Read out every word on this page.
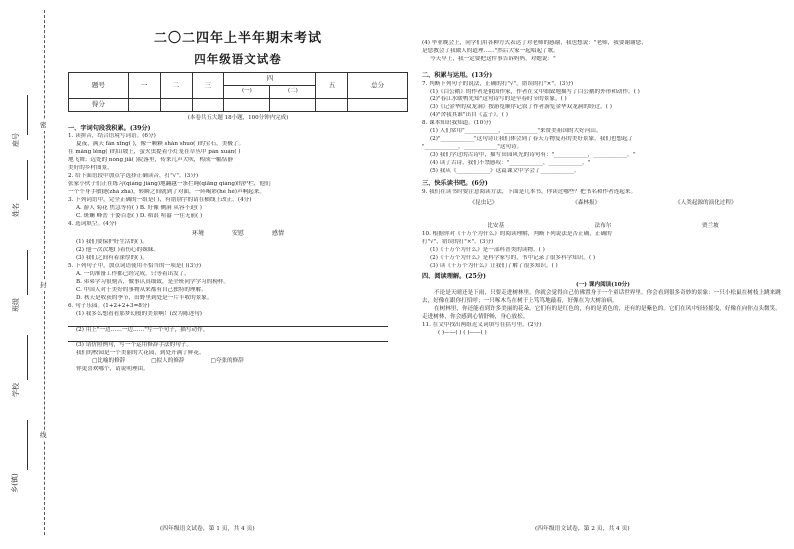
座号
姓名
班级
学校
乡(镇)
密
封
线
二〇二四年上半年期末考试
四年级语文试卷
题号	一	二	三	四		五	总分
				(一)	(二)		
得分							
(本卷共五大题 18小题，100分钟内完成)
一、字词句段我积累。(39分)
1. 读拼音，结合语境写词语。(6分)
夏夜，满天 fán xīng( )，像一颗颗 shǎn shuò( )的宝石，美极了。
在 mǎng lěng( )的山坡上，萤火虫提着小灯笼在草丛中 pán xuán( )
地飞舞；远处的 nóng jiā( )院落里，传来几声犬吠，构成一幅恬静
美好的乡村图景。
2. 给下面语段中加点字选择正确读音，打"√"。(3分)
张家小伙子们正在练习(qiáng jiàng)地翻越一条拦绳(qiāng qiàng)的护栏，他们
一个个身手敏捷(zhá zhà)，转瞬之间就到了对面，一阵喝彩(hè hè)声响起来。
3. 下列词语中，完全正确的一组是( )，有错别字的请在横线上改正。(4分)
A. 游人 菊花 焦急等待( ) B. 好像 侧洞 从容不迫( )
C. 斑斓 峰峦 千姿百态( ) D. 稻浪 喧嚣 一往无前( )
4. 选词填空。(4分)
环境	安慰	感情
(1) 我们要保护好生活的( )。
(2) 他一次次地( )着伤心的妹妹。
(3) 我们之间有着深厚的( )。
5. 下列句子中，加点词语使用不恰当的一项是( )(3分)
A. 一切准备工作都已经完成，只等着出发了。
B. 弟弟学习很刻苦，做事认真细致，是全班同学学习的榜样。
C. 中国人对于美好的事物从来都有自己独特的理解。
D. 秋天是收获的季节，田野里到处是一片丰收的景象。
6. 句子乐园。(1+2+2+3=8分)
(1) 我多么想看看那梦幻般的美景啊！(改为陈述句)
(2) 用上"一边……一边……"写一个句子，描写动作。
(3) 请仿照例句，写一个运用修辞手法的句子。
我们的校园是一个美丽的大花园，到处开满了鲜花。
□比喻的修辞	□拟人的修辞	□夸张的修辞
你更喜欢哪个，请说明理由。
(四年级语文试卷，第 1 页，共 4 页)
(4) 毕业晚会上，同学们用各种方式表达了对老师的感谢，我也想说："老师，我要谢谢您，
是您教会了我做人的道理……"然后大家一起唱起了歌。
今天早上，我一定要把这件事告诉妈妈，对她说："
二、积累与运用。(13分)
7. 判断下列句子的说法，正确的打"√"，错误的打"×"。(3分)
(1)《白公鹅》的作者是俄国作家，作者在文中细致地描写了白公鹅的外形和动作。( )
(2)"春江水暖鸭先知"这句诗写的是早春时节的景象。( )
(3)《记金华的双龙洞》按游览顺序记叙了作者游览金华双龙洞的经过。( )
(4)"舍我其谁"出自《孟子》。( )
8. 课本知识我知道。(10分)
(1) 人们常用"____________，____________"来赞美祖国的大好河山。
(2)"____________"这句诗让我们体会到了春天万物复苏的美好景象，我们也想起了
"____________，____________"这句诗。
(3) 我们学过的古诗中，描写田园风光的诗句有："____________，____________。"
(4) 读了古诗，我们不禁感叹："____________，____________。"
(5) 我从《____________》这篇课文中学会了____________。
三、快乐读书吧。(6分)
9. 我们在读书时要注意阅读方法，下面是几本书，你读过哪些？把书名和作者连起来。
《昆虫记》	《森林报》	《人类起源的演化过程》
比安基	法布尔	贾兰坡
10. 根据你对《十万个为什么》的阅读理解，判断下列说法是否正确，正确的
打"√"，错误的打"×"。(3分)
(1)《十万个为什么》是一部科普类的读物。( )
(2)《十万个为什么》是科学家写的，书中记录了很多科学知识。( )
(3) 读《十万个为什么》让我们了解了很多知识。( )
四、阅读理解。(25分)
(一) 课内阅读(10分)
不论是天晴还是下雨，只要走进树林里，你就会觉得自己仿佛置身于一个童话世界里。你会看到很多奇妙的景象：一只小松鼠在树枝上跳来跳去，好像在跟你打招呼；一只啄木鸟在树干上笃笃地敲着，好像在为大树治病。
在树林里，你还能看到许多美丽的花朵。它们有的是红色的，有的是黄色的，还有的是紫色的。它们在风中轻轻摇曳，好像在向你点头微笑。走进树林，你会感到心情舒畅，身心放松。
11. 在文中找出两组近义词填写在括号里。(2分)
( )——( ) ( )——( )
(四年级语文试卷，第 2 页，共 4 页)
